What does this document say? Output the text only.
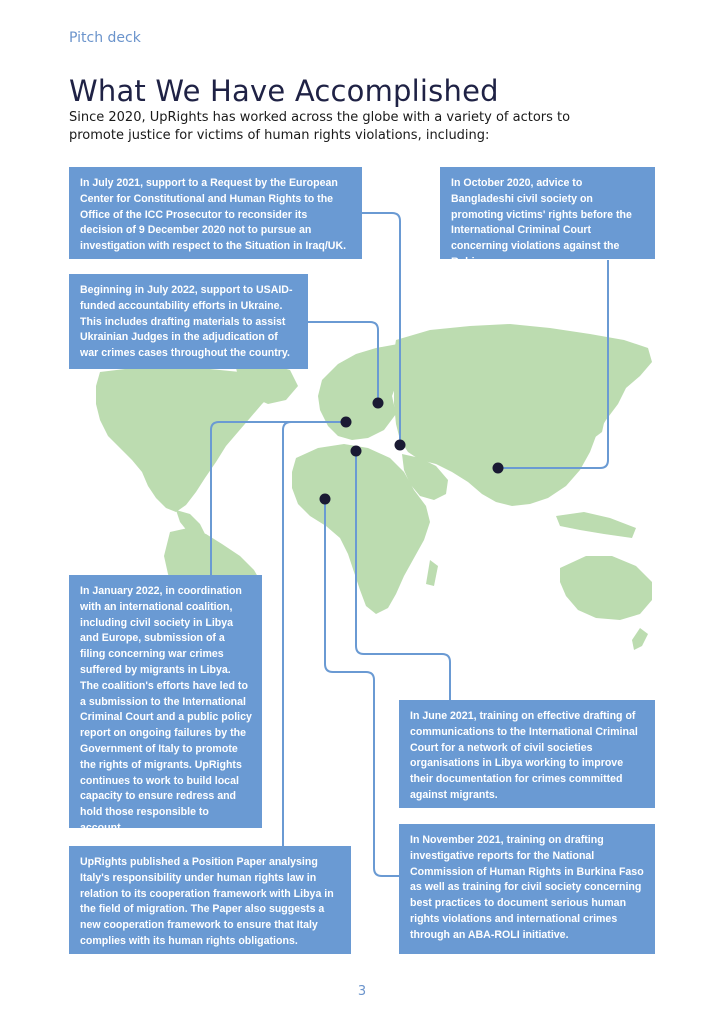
Pitch deck
What We Have Accomplished

Since 2020, UpRights has worked across the globe with a variety of actors to promote justice for victims of human rights violations, including:

In July 2021, support to a Request by the European Center for Constitutional and Human Rights to the Office of the ICC Prosecutor to reconsider its decision of 9 December 2020 not to pursue an investigation with respect to the Situation in Iraq/UK.

In October 2020, advice to Bangladeshi civil society on promoting victims' rights before the International Criminal Court concerning violations against the Rohingya.

Beginning in July 2022, support to USAID-funded accountability efforts in Ukraine. This includes drafting materials to assist Ukrainian Judges in the adjudication of war crimes cases throughout the country.

In January 2022, in coordination with an international coalition, including civil society in Libya and Europe, submission of a filing concerning war crimes suffered by migrants in Libya. The coalition's efforts have led to a submission to the International Criminal Court and a public policy report on ongoing failures by the Government of Italy to promote the rights of migrants. UpRights continues to work to build local capacity to ensure redress and hold those responsible to account.

In June 2021, training on effective drafting of communications to the International Criminal Court for a network of civil societies organisations in Libya working to improve their documentation for crimes committed against migrants.

UpRights published a Position Paper analysing Italy's responsibility under human rights law in relation to its cooperation framework with Libya in the field of migration. The Paper also suggests a new cooperation framework to ensure that Italy complies with its human rights obligations.

In November 2021, training on drafting investigative reports for the National Commission of Human Rights in Burkina Faso as well as training for civil society concerning best practices to document serious human rights violations and international crimes through an ABA-ROLI initiative.

3
